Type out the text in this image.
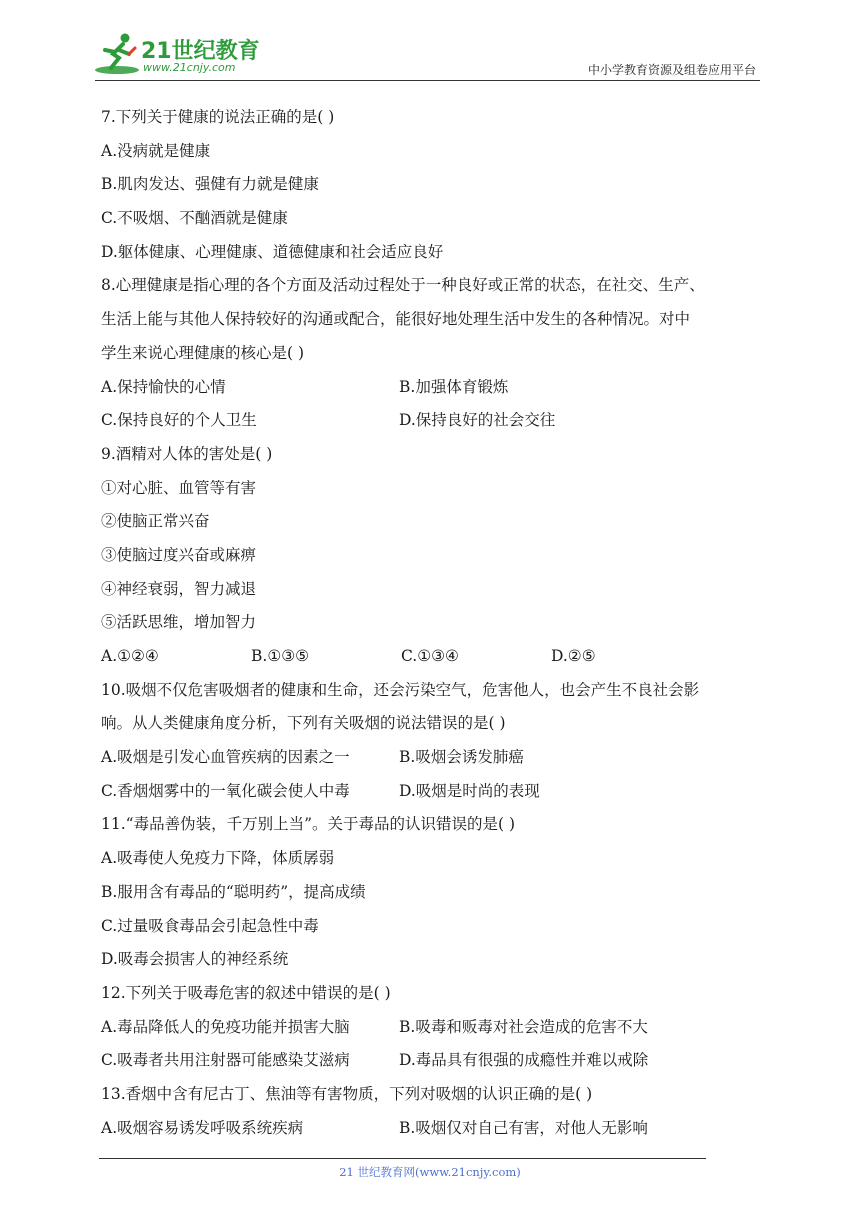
21世纪教育
www.21cnjy.com	中小学教育资源及组卷应用平台
7.下列关于健康的说法正确的是( )
A.没病就是健康
B.肌肉发达、强健有力就是健康
C.不吸烟、不酗酒就是健康
D.躯体健康、心理健康、道德健康和社会适应良好
8.心理健康是指心理的各个方面及活动过程处于一种良好或正常的状态，在社交、生产、
生活上能与其他人保持较好的沟通或配合，能很好地处理生活中发生的各种情况。对中
学生来说心理健康的核心是( )
A.保持愉快的心情	B.加强体育锻炼
C.保持良好的个人卫生	D.保持良好的社会交往
9.酒精对人体的害处是( )
①对心脏、血管等有害
②使脑正常兴奋
③使脑过度兴奋或麻痹
④神经衰弱，智力减退
⑤活跃思维，增加智力
A.①②④	B.①③⑤	C.①③④	D.②⑤
10.吸烟不仅危害吸烟者的健康和生命，还会污染空气，危害他人，也会产生不良社会影
响。从人类健康角度分析，下列有关吸烟的说法错误的是( )
A.吸烟是引发心血管疾病的因素之一	B.吸烟会诱发肺癌
C.香烟烟雾中的一氧化碳会使人中毒	D.吸烟是时尚的表现
11.“毒品善伪装，千万别上当”。关于毒品的认识错误的是( )
A.吸毒使人免疫力下降，体质孱弱
B.服用含有毒品的“聪明药”，提高成绩
C.过量吸食毒品会引起急性中毒
D.吸毒会损害人的神经系统
12.下列关于吸毒危害的叙述中错误的是( )
A.毒品降低人的免疫功能并损害大脑	B.吸毒和贩毒对社会造成的危害不大
C.吸毒者共用注射器可能感染艾滋病	D.毒品具有很强的成瘾性并难以戒除
13.香烟中含有尼古丁、焦油等有害物质，下列对吸烟的认识正确的是( )
A.吸烟容易诱发呼吸系统疾病	B.吸烟仅对自己有害，对他人无影响
21 世纪教育网(www.21cnjy.com)
